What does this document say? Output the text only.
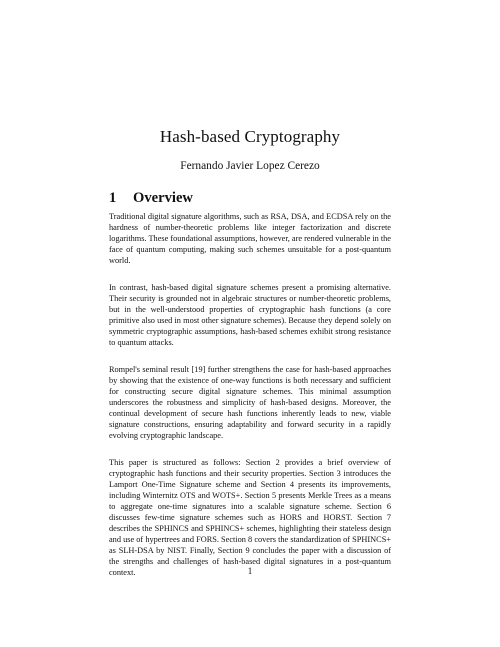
Hash-based Cryptography
Fernando Javier Lopez Cerezo
1 Overview

Traditional digital signature algorithms, such as RSA, DSA, and ECDSA rely on the hardness of number-theoretic problems like integer factorization and discrete logarithms. These foundational assumptions, however, are rendered vulnerable in the face of quantum computing, making such schemes unsuitable for a post-quantum world.

In contrast, hash-based digital signature schemes present a promising alternative. Their security is grounded not in algebraic structures or number-theoretic problems, but in the well-understood properties of cryptographic hash functions (a core primitive also used in most other signature schemes). Because they depend solely on symmetric cryptographic assumptions, hash-based schemes exhibit strong resistance to quantum attacks.

Rompel's seminal result [19] further strengthens the case for hash-based approaches by showing that the existence of one-way functions is both necessary and sufficient for constructing secure digital signature schemes. This minimal assumption underscores the robustness and simplicity of hash-based designs. Moreover, the continual development of secure hash functions inherently leads to new, viable signature constructions, ensuring adaptability and forward security in a rapidly evolving cryptographic landscape.

This paper is structured as follows: Section 2 provides a brief overview of cryptographic hash functions and their security properties. Section 3 introduces the Lamport One-Time Signature scheme and Section 4 presents its improvements, including Winternitz OTS and WOTS+. Section 5 presents Merkle Trees as a means to aggregate one-time signatures into a scalable signature scheme. Section 6 discusses few-time signature schemes such as HORS and HORST. Section 7 describes the SPHINCS and SPHINCS+ schemes, highlighting their stateless design and use of hypertrees and FORS. Section 8 covers the standardization of SPHINCS+ as SLH-DSA by NIST. Finally, Section 9 concludes the paper with a discussion of the strengths and challenges of hash-based digital signatures in a post-quantum context.	1
